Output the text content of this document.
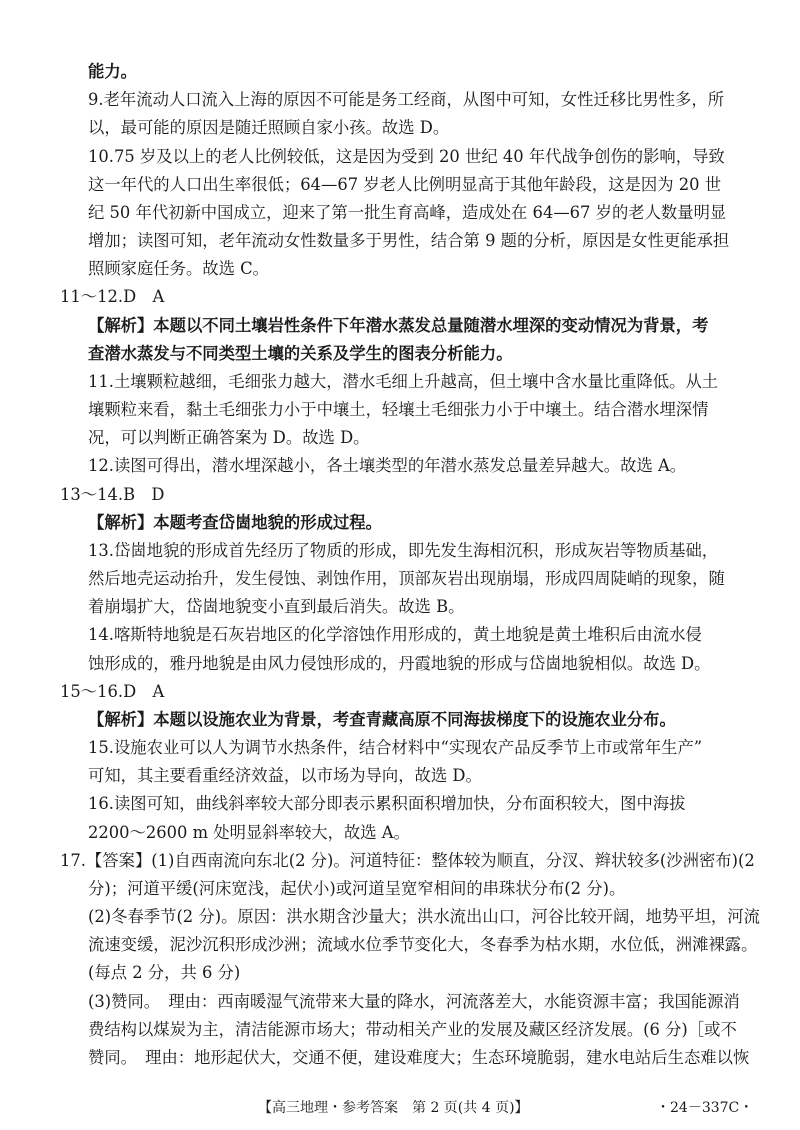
能力。
9.老年流动人口流入上海的原因不可能是务工经商，从图中可知，女性迁移比男性多，所
以，最可能的原因是随迁照顾自家小孩。故选 D。
10.75 岁及以上的老人比例较低，这是因为受到 20 世纪 40 年代战争创伤的影响，导致
这一年代的人口出生率很低；64—67 岁老人比例明显高于其他年龄段，这是因为 20 世
纪 50 年代初新中国成立，迎来了第一批生育高峰，造成处在 64—67 岁的老人数量明显
增加；读图可知，老年流动女性数量多于男性，结合第 9 题的分析，原因是女性更能承担
照顾家庭任务。故选 C。
11～12.D　A
【解析】本题以不同土壤岩性条件下年潜水蒸发总量随潜水埋深的变动情况为背景，考
查潜水蒸发与不同类型土壤的关系及学生的图表分析能力。
11.土壤颗粒越细，毛细张力越大，潜水毛细上升越高，但土壤中含水量比重降低。从土
壤颗粒来看，黏土毛细张力小于中壤土，轻壤土毛细张力小于中壤土。结合潜水埋深情
况，可以判断正确答案为 D。故选 D。
12.读图可得出，潜水埋深越小，各土壤类型的年潜水蒸发总量差异越大。故选 A。
13～14.B　D
【解析】本题考查岱崮地貌的形成过程。
13.岱崮地貌的形成首先经历了物质的形成，即先发生海相沉积，形成灰岩等物质基础，
然后地壳运动抬升，发生侵蚀、剥蚀作用，顶部灰岩出现崩塌，形成四周陡峭的现象，随
着崩塌扩大，岱崮地貌变小直到最后消失。故选 B。
14.喀斯特地貌是石灰岩地区的化学溶蚀作用形成的，黄土地貌是黄土堆积后由流水侵
蚀形成的，雅丹地貌是由风力侵蚀形成的，丹霞地貌的形成与岱崮地貌相似。故选 D。
15～16.D　A
【解析】本题以设施农业为背景，考查青藏高原不同海拔梯度下的设施农业分布。
15.设施农业可以人为调节水热条件，结合材料中“实现农产品反季节上市或常年生产”
可知，其主要看重经济效益，以市场为导向，故选 D。
16.读图可知，曲线斜率较大部分即表示累积面积增加快，分布面积较大，图中海拔
2200～2600 m 处明显斜率较大，故选 A。
17.【答案】(1)自西南流向东北(2 分)。河道特征：整体较为顺直，分汊、辫状较多(沙洲密布)(2
分)；河道平缓(河床宽浅，起伏小)或河道呈宽窄相间的串珠状分布(2 分)。
(2)冬春季节(2 分)。原因：洪水期含沙量大；洪水流出山口，河谷比较开阔，地势平坦，河流
流速变缓，泥沙沉积形成沙洲；流域水位季节变化大，冬春季为枯水期，水位低，洲滩裸露。
(每点 2 分，共 6 分)
(3)赞同。　理由：西南暖湿气流带来大量的降水，河流落差大，水能资源丰富；我国能源消
费结构以煤炭为主，清洁能源市场大；带动相关产业的发展及藏区经济发展。(6 分)［或不
赞同。　理由：地形起伏大，交通不便，建设难度大；生态环境脆弱，建水电站后生态难以恢
【高三地理・参考答案　第 2 页(共 4 页)】	・24－337C・
